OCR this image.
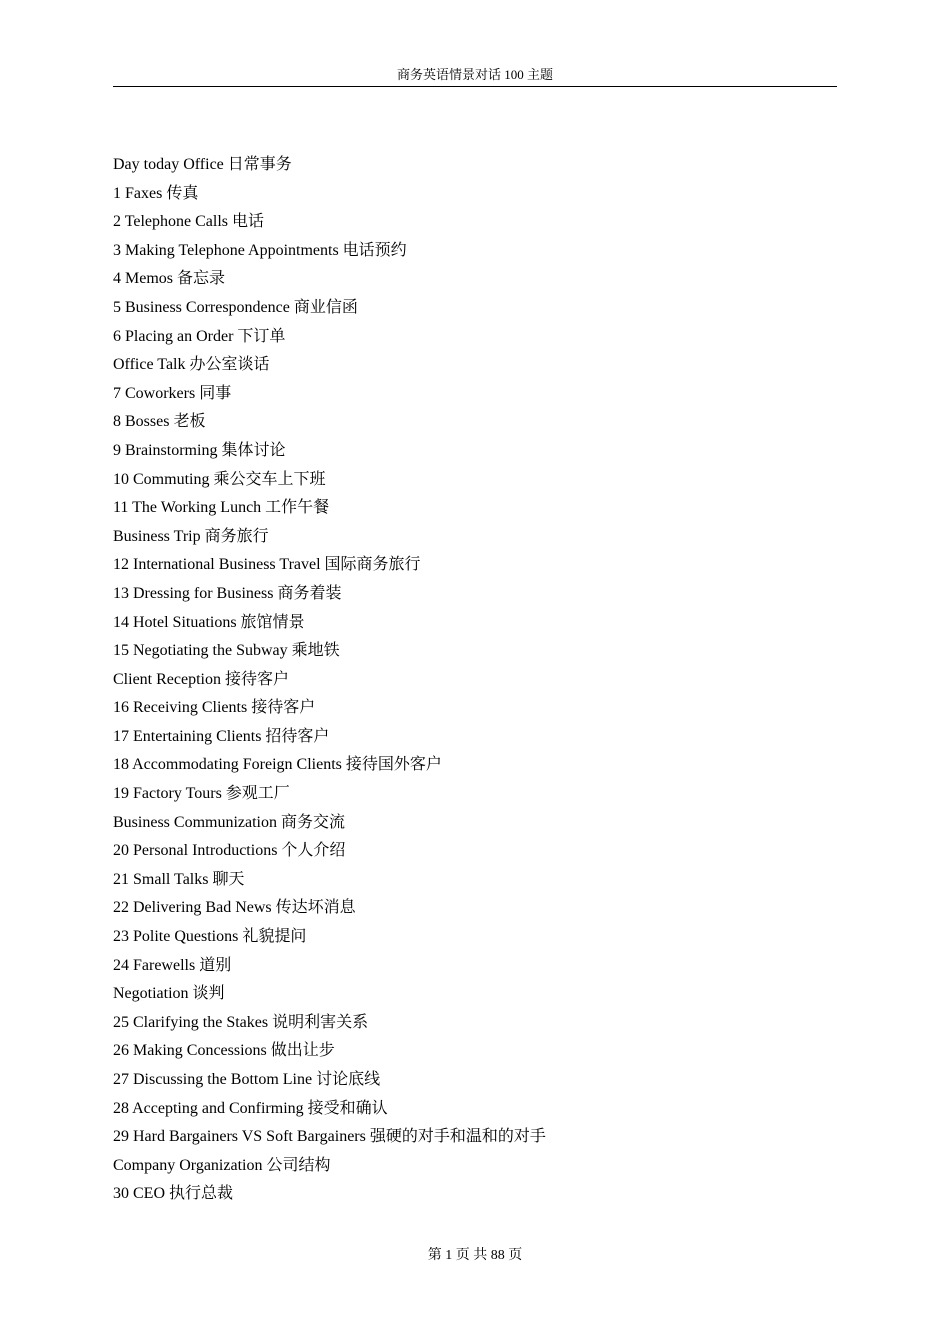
商务英语情景对话 100 主题
Day today Office 日常事务
1 Faxes 传真
2 Telephone Calls 电话
3 Making Telephone Appointments 电话预约
4 Memos 备忘录
5 Business Correspondence 商业信函
6 Placing an Order 下订单
Office Talk 办公室谈话
7 Coworkers 同事
8 Bosses 老板
9 Brainstorming 集体讨论
10 Commuting 乘公交车上下班
11 The Working Lunch 工作午餐
Business Trip 商务旅行
12 International Business Travel 国际商务旅行
13 Dressing for Business 商务着装
14 Hotel Situations 旅馆情景
15 Negotiating the Subway 乘地铁
Client Reception 接待客户
16 Receiving Clients 接待客户
17 Entertaining Clients 招待客户
18 Accommodating Foreign Clients 接待国外客户
19 Factory Tours 参观工厂
Business Communization 商务交流
20 Personal Introductions 个人介绍
21 Small Talks 聊天
22 Delivering Bad News 传达坏消息
23 Polite Questions 礼貌提问
24 Farewells 道别
Negotiation 谈判
25 Clarifying the Stakes 说明利害关系
26 Making Concessions 做出让步
27 Discussing the Bottom Line 讨论底线
28 Accepting and Confirming 接受和确认
29 Hard Bargainers VS Soft Bargainers 强硬的对手和温和的对手
Company Organization 公司结构
30 CEO 执行总裁
第 1 页 共 88 页
